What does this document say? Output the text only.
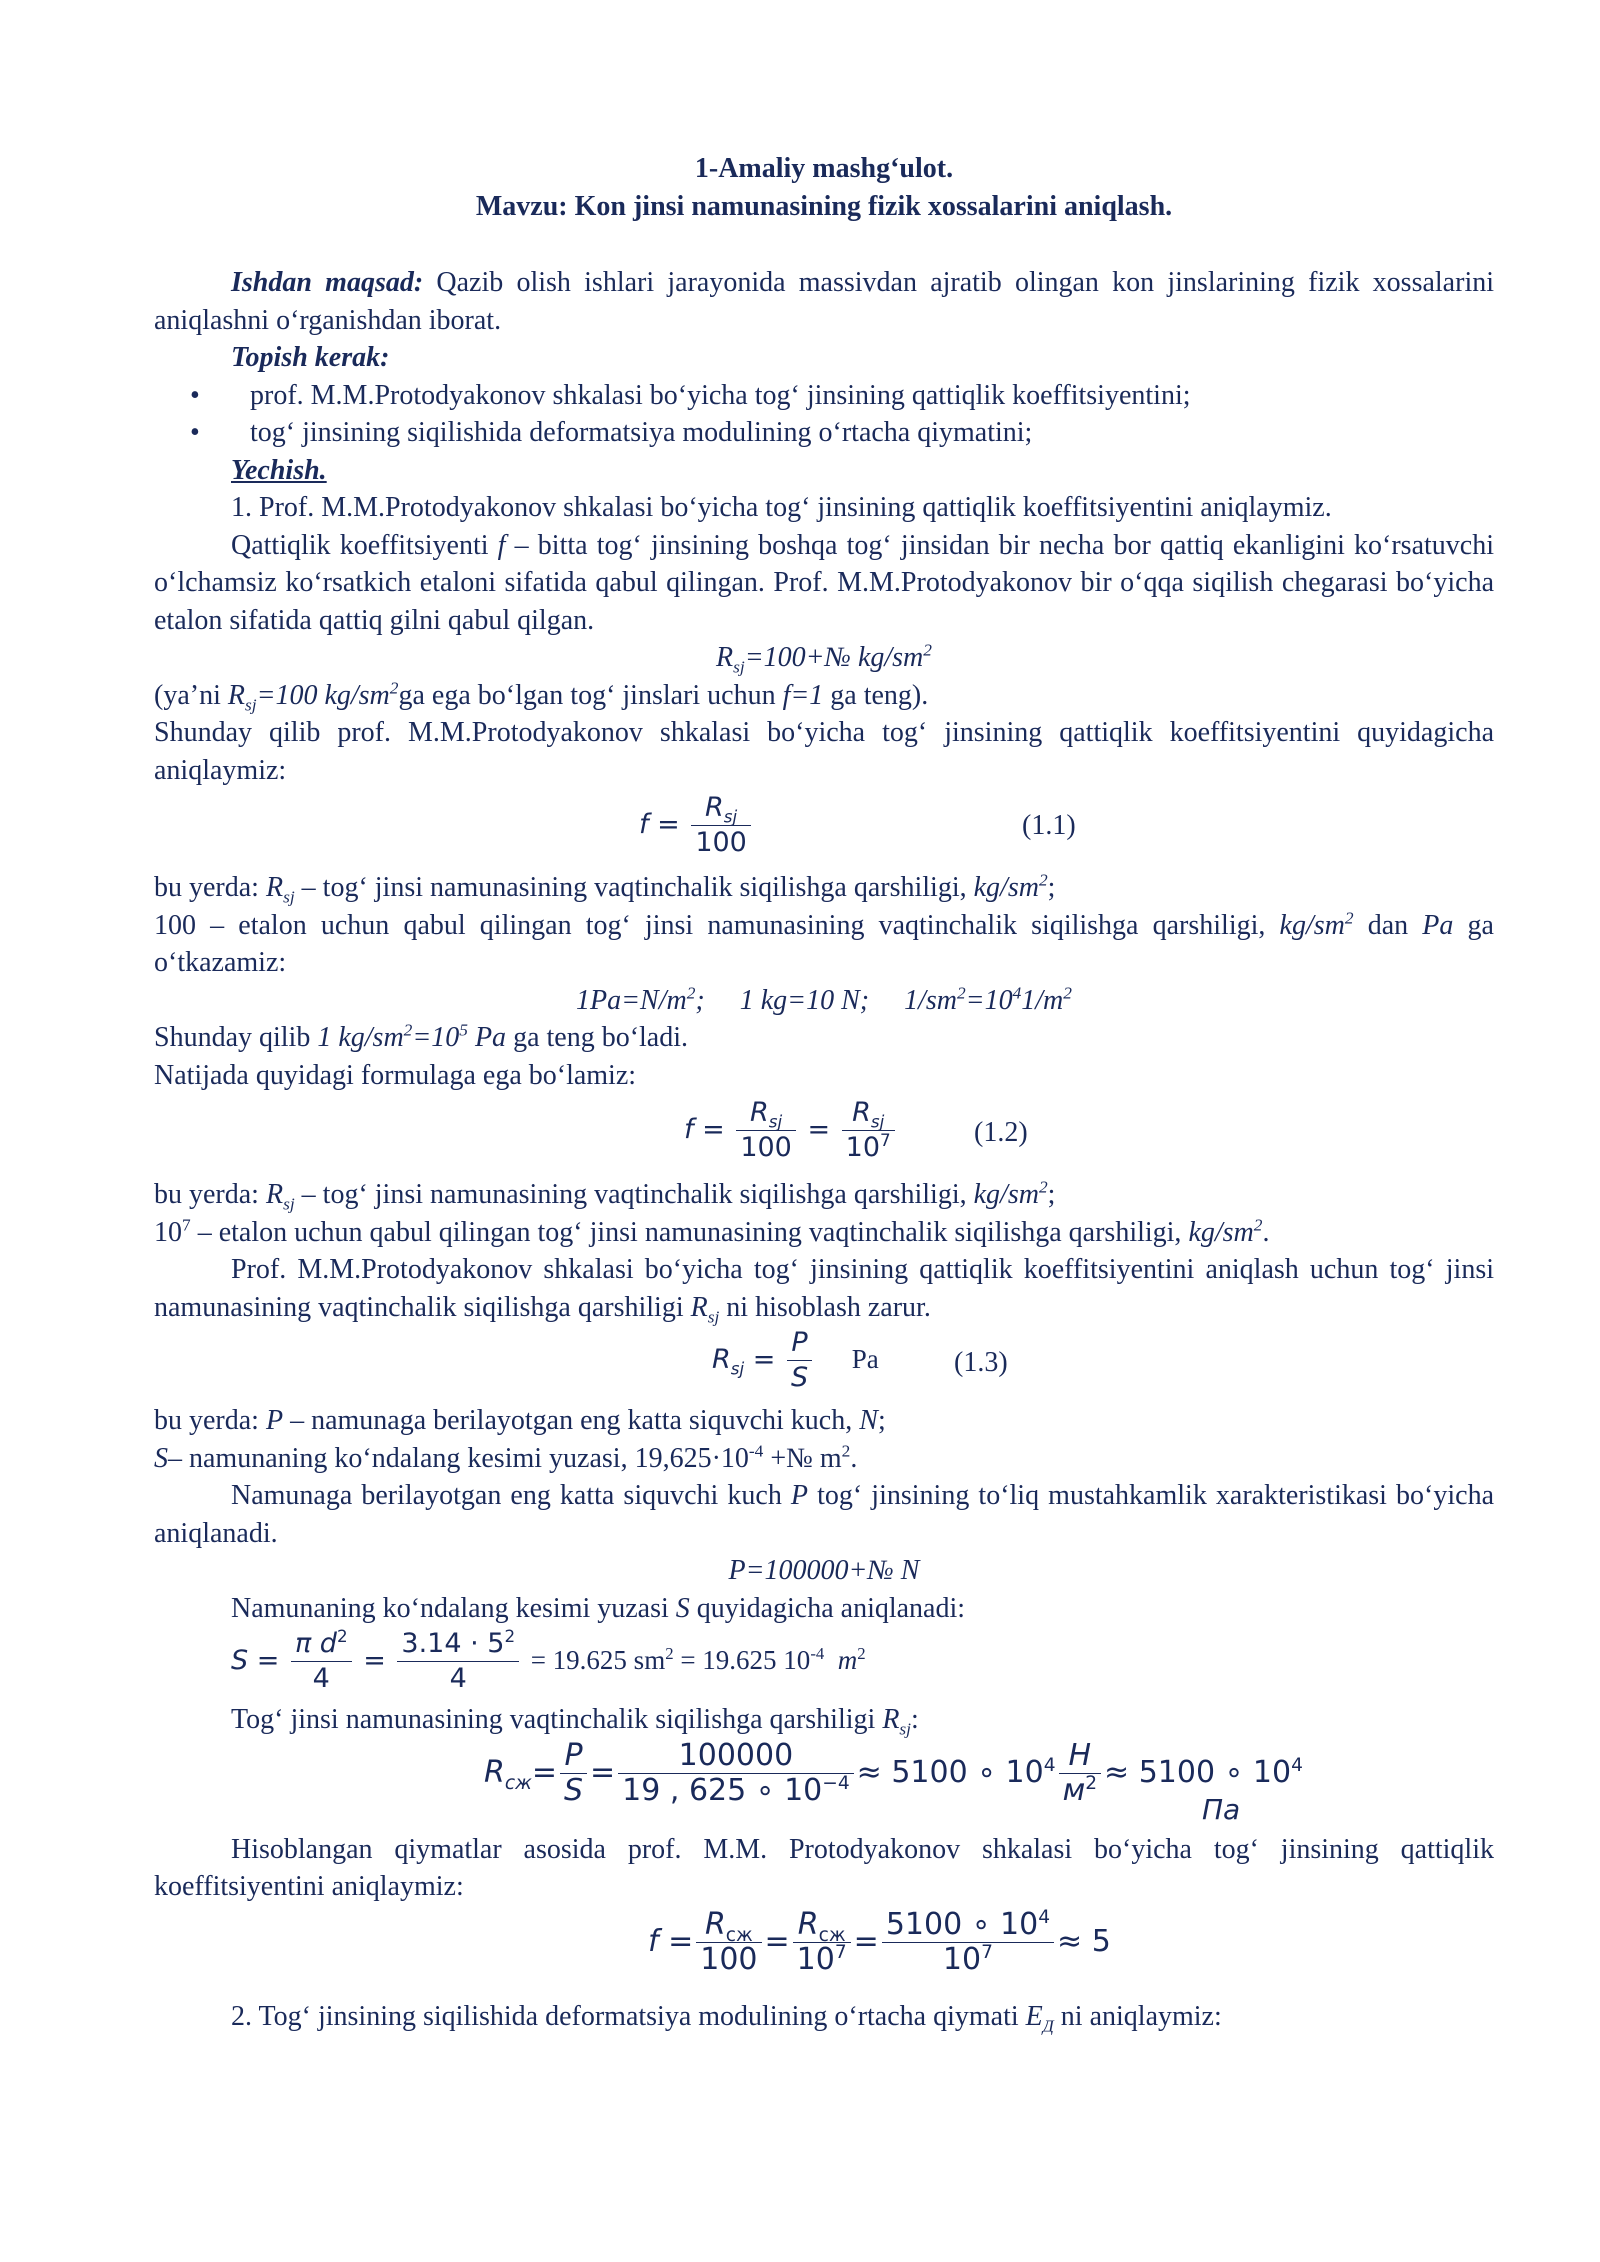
1-Amaliy mashg‘ulot.
Mavzu: Kon jinsi namunasining fizik xossalarini aniqlash.
Ishdan maqsad: Qazib olish ishlari jarayonida massivdan ajratib olingan kon jinslarining fizik xossalarini aniqlashni o‘rganishdan iborat.
Topish kerak:
• prof. M.M.Protodyakonov shkalasi bo‘yicha tog‘ jinsining qattiqlik koeffitsiyentini;
• tog‘ jinsining siqilishida deformatsiya modulining o‘rtacha qiymatini;
Yechish.
1. Prof. M.M.Protodyakonov shkalasi bo‘yicha tog‘ jinsining qattiqlik koeffitsiyentini aniqlaymiz.
Qattiqlik koeffitsiyenti f – bitta tog‘ jinsining boshqa tog‘ jinsidan bir necha bor qattiq ekanligini ko‘rsatuvchi o‘lchamsiz ko‘rsatkich etaloni sifatida qabul qilingan. Prof. M.M.Protodyakonov bir o‘qqa siqilish chegarasi bo‘yicha etalon sifatida qattiq gilni qabul qilgan.
$R_{sj}=100+№$ $kg/sm^2$
(ya’ni $R_{sj}=100$ $kg/sm^2ga$ ega bo‘lgan tog‘ jinslari uchun f=1 ga teng).
Shunday qilib prof. M.M.Protodyakonov shkalasi bo‘yicha tog‘ jinsining qattiqlik koeffitsiyentini quyidagicha aniqlaymiz:
$f = \frac{R_{sj}}{100}$	(1.1)
bu yerda: $R_{sj}$ – tog‘ jinsi namunasining vaqtinchalik siqilishga qarshiligi, $kg/sm^2$;
100 – etalon uchun qabul qilingan tog‘ jinsi namunasining vaqtinchalik siqilishga qarshiligi, $kg/sm^2$ dan Pa ga o‘tkazamiz:
$1Pa=N/m^2$; 1 kg=10 N; $1/sm^2=10^41/m^2$
Shunday qilib 1 $kg/sm^2=10^5$ Pa ga teng bo‘ladi.
Natijada quyidagi formulaga ega bo‘lamiz:
$f = \frac{R_{sj}}{100} = \frac{R_{sj}}{10^7}$	(1.2)
bu yerda: $R_{sj}$ – tog‘ jinsi namunasining vaqtinchalik siqilishga qarshiligi, $kg/sm^2$;
$10^7$ – etalon uchun qabul qilingan tog‘ jinsi namunasining vaqtinchalik siqilishga qarshiligi, $kg/sm^2$.
Prof. M.M.Protodyakonov shkalasi bo‘yicha tog‘ jinsining qattiqlik koeffitsiyentini aniqlash uchun tog‘ jinsi namunasining vaqtinchalik siqilishga qarshiligi $R_{sj}$ ni hisoblash zarur.
$R_{sj} = \frac{P}{S}$ Pa	(1.3)
bu yerda: P – namunaga berilayotgan eng katta siquvchi kuch, N;
S– namunaning ko‘ndalang kesimi yuzasi, $19,625\cdot 10^{-4}$ +№ $m^2$.
Namunaga berilayotgan eng katta siquvchi kuch P tog‘ jinsining to‘liq mustahkamlik xarakteristikasi bo‘yicha aniqlanadi.
P=100000+№ N
Namunaning ko‘ndalang kesimi yuzasi S quyidagicha aniqlanadi:
$S = \frac{\pi d^2}{4} = \frac{3.14 \cdot 5^2}{4} = 19.625$ $sm^2 = 19.625$ $10^{-4}$  $m^2$
Tog‘ jinsi namunasining vaqtinchalik siqilishga qarshiligi $R_{sj}$:
$R_{сж}= \frac{P}{S} = \frac{100000}{19 , 625 \circ 10^{-4}} \approx 5100$ ∘ $10^4 \frac{Н}{м^2} \approx 5100$ ∘ $10^4$
Па
Hisoblangan qiymatlar asosida prof. M.M. Protodyakonov shkalasi bo‘yicha tog‘ jinsining qattiqlik koeffitsiyentini aniqlaymiz:
$f = \frac{R_{сж}}{100} = \frac{R_{сж}}{10^7} = \frac{5100 \circ 10^4}{10^7} \approx 5$
2. Tog‘ jinsining siqilishida deformatsiya modulining o‘rtacha qiymati $E_Д$ ni aniqlaymiz:
